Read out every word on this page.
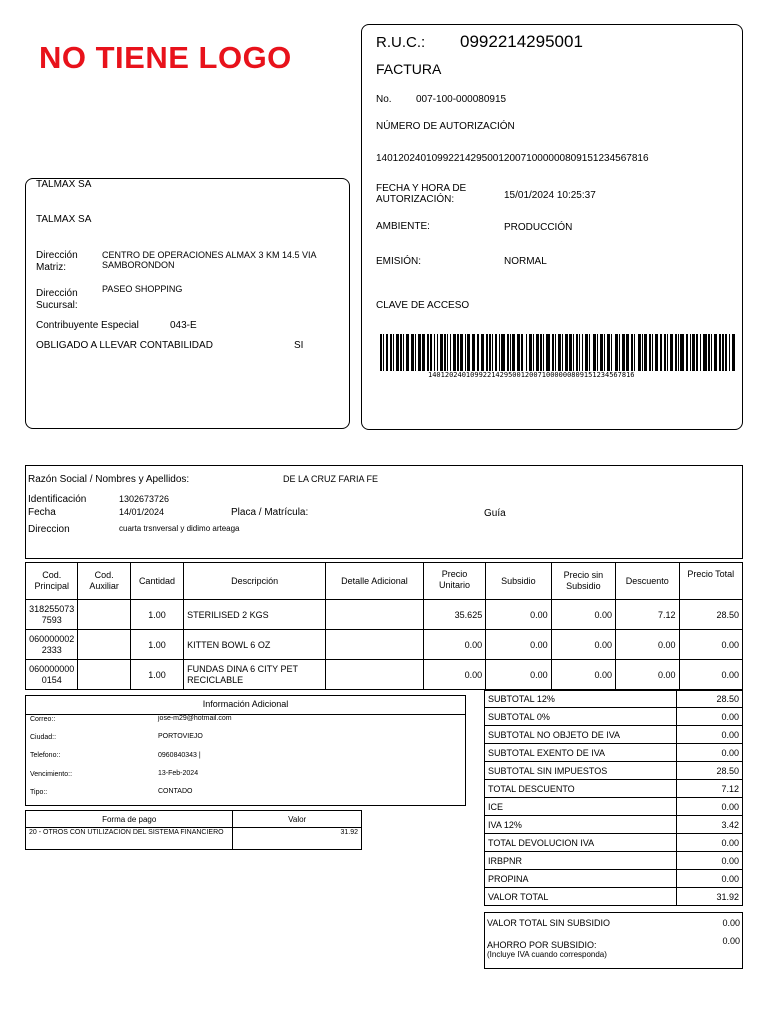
NO TIENE LOGO	R.U.C.: 0992214295001
FACTURA
No. 007-100-000080915
NÚMERO DE AUTORIZACIÓN
1401202401099221429500120071000000809151234567816
FECHA Y HORA DE AUTORIZACIÓN:	15/01/2024 10:25:37
AMBIENTE:	PRODUCCIÓN
EMISIÓN:	NORMAL
CLAVE DE ACCESO
1401202401099221429500120071000000809151234567816
TALMAX SA
TALMAX SA
Dirección Matriz:
CENTRO DE OPERACIONES ALMAX 3 KM 14.5 VIA SAMBORONDON
Dirección Sucursal:
PASEO SHOPPING
Contribuyente Especial	043-E
OBLIGADO A LLEVAR CONTABILIDAD	SI
Razón Social / Nombres y Apellidos:	DE LA CRUZ FARIA FE
Identificación	1302673726
Fecha	14/01/2024	Placa / Matrícula:	Guía
Direccion	cuarta trsnversal y didimo arteaga
Cod. Principal	Cod. Auxiliar	Cantidad	Descripción	Detalle Adicional	Precio Unitario	Subsidio	Precio sin Subsidio	Descuento	Precio Total
318255073
7593		1.00	STERILISED 2 KGS		35.625	0.00	0.00	7.12	28.50
060000002
2333		1.00	KITTEN BOWL 6 OZ		0.00	0.00	0.00	0.00	0.00
060000000
0154		1.00	FUNDAS DINA 6 CITY PET RECICLABLE		0.00	0.00	0.00	0.00	0.00
Información Adicional
Correo::	jose-m29@hotmail.com
Ciudad::	PORTOVIEJO
Telefono::	0960840343 |
Vencimiento::	13-Feb-2024
Tipo::	CONTADO
Forma de pago	Valor
20 - OTROS CON UTILIZACION DEL SISTEMA FINANCIERO	31.92
SUBTOTAL 12%	28.50
SUBTOTAL 0%	0.00
SUBTOTAL NO OBJETO DE IVA	0.00
SUBTOTAL EXENTO DE IVA	0.00
SUBTOTAL SIN IMPUESTOS	28.50
TOTAL DESCUENTO	7.12
ICE	0.00
IVA 12%	3.42
TOTAL DEVOLUCION IVA	0.00
IRBPNR	0.00
PROPINA	0.00
VALOR TOTAL	31.92
VALOR TOTAL SIN SUBSIDIO	0.00
AHORRO POR SUBSIDIO:
(Incluye IVA cuando corresponda)
0.00
